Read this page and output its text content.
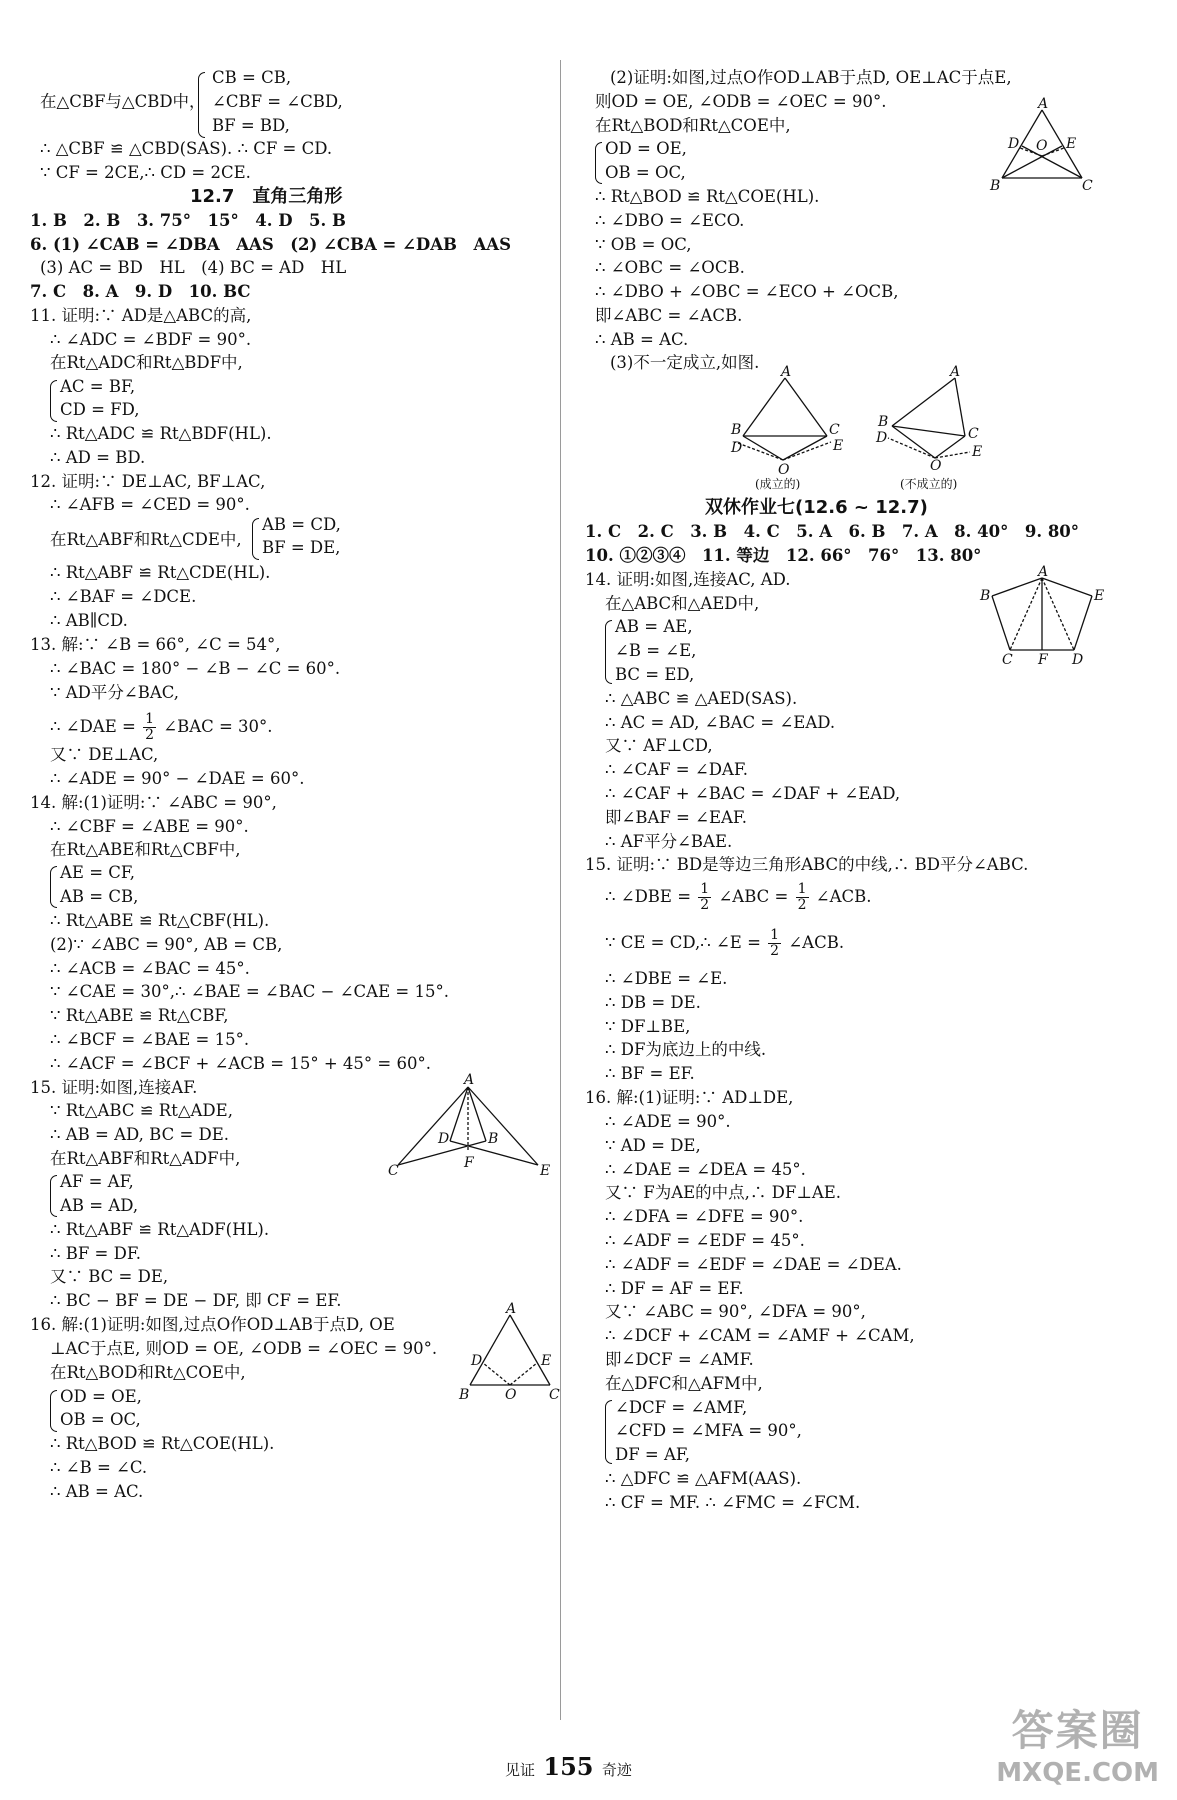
CB = CB,
在△CBF与△CBD中， ∠CBF = ∠CBD,
BF = BD,
∴ △CBF ≌ △CBD(SAS). ∴ CF = CD.
∵ CF = 2CE,∴ CD = 2CE.
12.7　直角三角形
1. B　2. B　3. 75°　15°　4. D　5. B
6. (1) ∠CAB = ∠DBA　AAS　(2) ∠CBA = ∠DAB　AAS
(3) AC = BD　HL　(4) BC = AD　HL
7. C　8. A　9. D　10. BC
11. 证明:∵ AD是△ABC的高,
∴ ∠ADC = ∠BDF = 90°.
在Rt△ADC和Rt△BDF中,
AC = BF,
CD = FD,
∴ Rt△ADC ≌ Rt△BDF(HL).
∴ AD = BD.
12. 证明:∵ DE⊥AC, BF⊥AC,
∴ ∠AFB = ∠CED = 90°.
在Rt△ABF和Rt△CDE中,
AB = CD,
BF = DE,
∴ Rt△ABF ≌ Rt△CDE(HL).
∴ ∠BAF = ∠DCE.
∴ AB∥CD.
13. 解:∵ ∠B = 66°, ∠C = 54°,
∴ ∠BAC = 180° − ∠B − ∠C = 60°.
∵ AD平分∠BAC,
∴ ∠DAE = $\frac{1}{2}$ ∠BAC = 30°.
又∵ DE⊥AC,
∴ ∠ADE = 90° − ∠DAE = 60°.
14. 解:(1)证明:∵ ∠ABC = 90°,
∴ ∠CBF = ∠ABE = 90°.
在Rt△ABE和Rt△CBF中,
AE = CF,
AB = CB,
∴ Rt△ABE ≌ Rt△CBF(HL).
(2)∵ ∠ABC = 90°, AB = CB,
∴ ∠ACB = ∠BAC = 45°.
∵ ∠CAE = 30°,∴ ∠BAE = ∠BAC − ∠CAE = 15°.
∵ Rt△ABE ≌ Rt△CBF,
∴ ∠BCF = ∠BAE = 15°.
∴ ∠ACF = ∠BCF + ∠ACB = 15° + 45° = 60°.
15. 证明:如图,连接AF.
∵ Rt△ABC ≌ Rt△ADE,
∴ AB = AD, BC = DE.
在Rt△ABF和Rt△ADF中,
AF = AF,
AB = AD,
∴ Rt△ABF ≌ Rt△ADF(HL).
∴ BF = DF.
又∵ BC = DE,
∴ BC − BF = DE − DF, 即 CF = EF.
16. 解:(1)证明:如图,过点O作OD⊥AB于点D, OE
⊥AC于点E, 则OD = OE, ∠ODB = ∠OEC = 90°.
在Rt△BOD和Rt△COE中,
OD = OE,
OB = OC,
∴ Rt△BOD ≌ Rt△COE(HL).
∴ ∠B = ∠C.
∴ AB = AC.
A
C	E
D	B
F
A
B	C
O
D	E
(2)证明:如图,过点O作OD⊥AB于点D, OE⊥AC于点E,
则OD = OE, ∠ODB = ∠OEC = 90°.
在Rt△BOD和Rt△COE中,
OD = OE,
OB = OC,
∴ Rt△BOD ≌ Rt△COE(HL).
∴ ∠DBO = ∠ECO.
∵ OB = OC,
∴ ∠OBC = ∠OCB.
∴ ∠DBO + ∠OBC = ∠ECO + ∠OCB,
即∠ABC = ∠ACB.
∴ AB = AC.
(3)不一定成立,如图.
双休作业七(12.6 ~ 12.7)
1. C　2. C　3. B　4. C　5. A　6. B　7. A　8. 40°　9. 80°
10. ①②③④　11. 等边　12. 66°　76°　13. 80°
14. 证明:如图,连接AC, AD.
在△ABC和△AED中,
AB = AE,
∠B = ∠E,
BC = ED,
∴ △ABC ≌ △AED(SAS).
∴ AC = AD, ∠BAC = ∠EAD.
又∵ AF⊥CD,
∴ ∠CAF = ∠DAF.
∴ ∠CAF + ∠BAC = ∠DAF + ∠EAD,
即∠BAF = ∠EAF.
∴ AF平分∠BAE.
15. 证明:∵ BD是等边三角形ABC的中线,∴ BD平分∠ABC.
∴ ∠DBE = $\frac{1}{2}$ ∠ABC = $\frac{1}{2}$ ∠ACB.
∵ CE = CD,∴ ∠E = $\frac{1}{2}$ ∠ACB.
∴ ∠DBE = ∠E.
∴ DB = DE.
∵ DF⊥BE,
∴ DF为底边上的中线.
∴ BF = EF.
16. 解:(1)证明:∵ AD⊥DE,
∴ ∠ADE = 90°.
∵ AD = DE,
∴ ∠DAE = ∠DEA = 45°.
又∵ F为AE的中点,∴ DF⊥AE.
∴ ∠DFA = ∠DFE = 90°.
∴ ∠ADF = ∠EDF = 45°.
∴ ∠ADF = ∠EDF = ∠DAE = ∠DEA.
∴ DF = AF = EF.
又∵ ∠ABC = 90°, ∠DFA = 90°,
∴ ∠DCF + ∠CAM = ∠AMF + ∠CAM,
即∠DCF = ∠AMF.
在△DFC和△AFM中,
∠DCF = ∠AMF,
∠CFD = ∠MFA = 90°,
DF = AF,
∴ △DFC ≌ △AFM(AAS).
∴ CF = MF. ∴ ∠FMC = ∠FCM.
A
B	C
D O E
A
B	C
D	E
O
(成立的)
A
B
C
D
E
O
(不成立的)
A
B	E
C F D
见证 155 奇迹
答案圈
MXQE.COM
